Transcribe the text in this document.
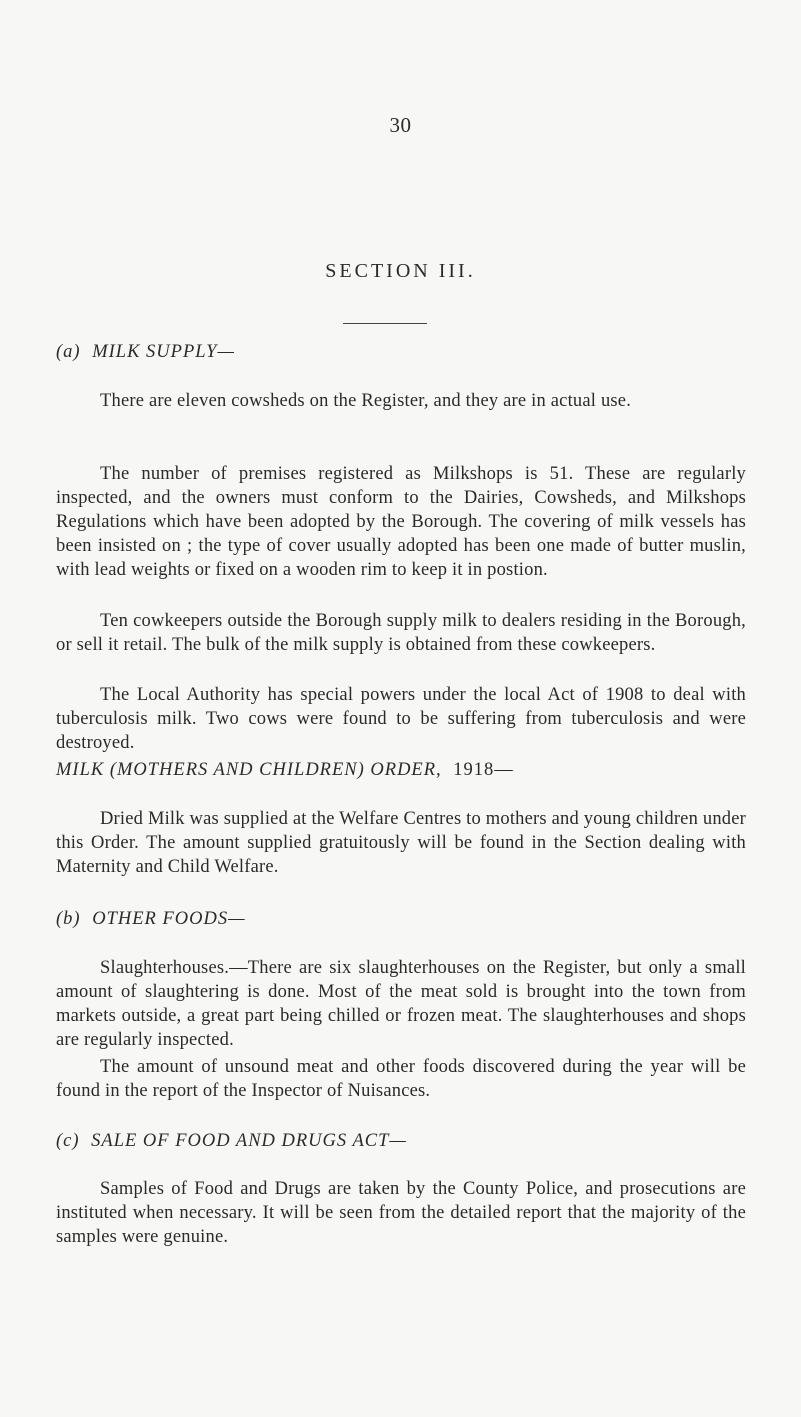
30
SECTION III.
(a) MILK SUPPLY—
There are eleven cowsheds on the Register, and they are in actual use.
The number of premises registered as Milkshops is 51. These are regularly inspected, and the owners must conform to the Dairies, Cowsheds, and Milkshops Regulations which have been adopted by the Borough. The covering of milk vessels has been insisted on ; the type of cover usually adopted has been one made of butter muslin, with lead weights or fixed on a wooden rim to keep it in postion.
Ten cowkeepers outside the Borough supply milk to dealers residing in the Borough, or sell it retail. The bulk of the milk supply is obtained from these cowkeepers.
The Local Authority has special powers under the local Act of 1908 to deal with tuberculosis milk. Two cows were found to be suffering from tuberculosis and were destroyed.
MILK (MOTHERS AND CHILDREN) ORDER, 1918—
Dried Milk was supplied at the Welfare Centres to mothers and young children under this Order. The amount supplied gratuitously will be found in the Section dealing with Maternity and Child Welfare.
(b) OTHER FOODS—
Slaughterhouses.—There are six slaughterhouses on the Register, but only a small amount of slaughtering is done. Most of the meat sold is brought into the town from markets outside, a great part being chilled or frozen meat. The slaughterhouses and shops are regularly inspected.
The amount of unsound meat and other foods discovered during the year will be found in the report of the Inspector of Nuisances.
(c) SALE OF FOOD AND DRUGS ACT—
Samples of Food and Drugs are taken by the County Police, and prosecutions are instituted when necessary. It will be seen from the detailed report that the majority of the samples were genuine.
